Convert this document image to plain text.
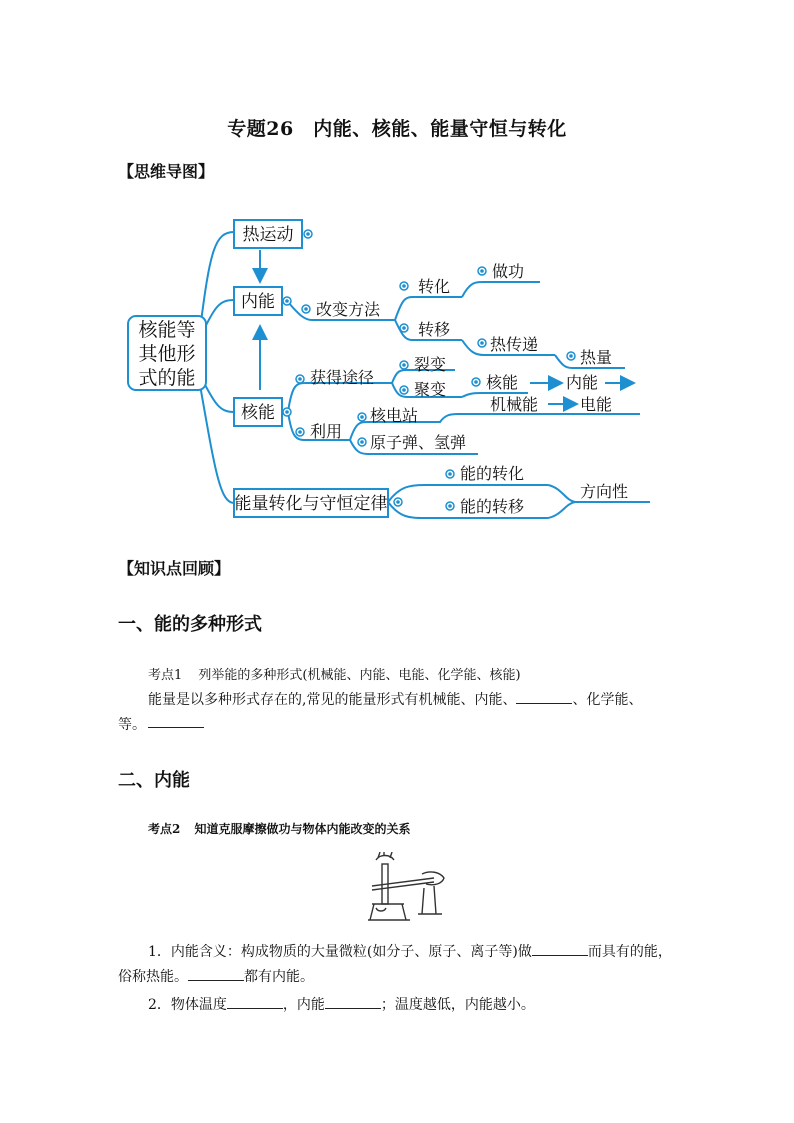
专题26　内能、核能、能量守恒与转化
【思维导图】
核能等
其他形
式的能
热运动
内能
核能
能量转化与守恒定律
改变方法
转化
做功
转移
热传递
热量
获得途径
裂变
聚变 核能	内能
机械能	电能
利用
核电站
原子弹、氢弹
能的转化
能的转移
方向性
【知识点回顾】
一、能的多种形式
考点1 列举能的多种形式(机械能、内能、电能、化学能、核能)
能量是以多种形式存在的,常见的能量形式有机械能、内能、	、化学能、
等。
二、内能
考点2 知道克服摩擦做功与物体内能改变的关系
1．内能含义：构成物质的大量微粒(如分子、原子、离子等)做	而具有的能，
俗称热能。	都有内能。
2．物体温度	，内能	；温度越低，内能越小。
